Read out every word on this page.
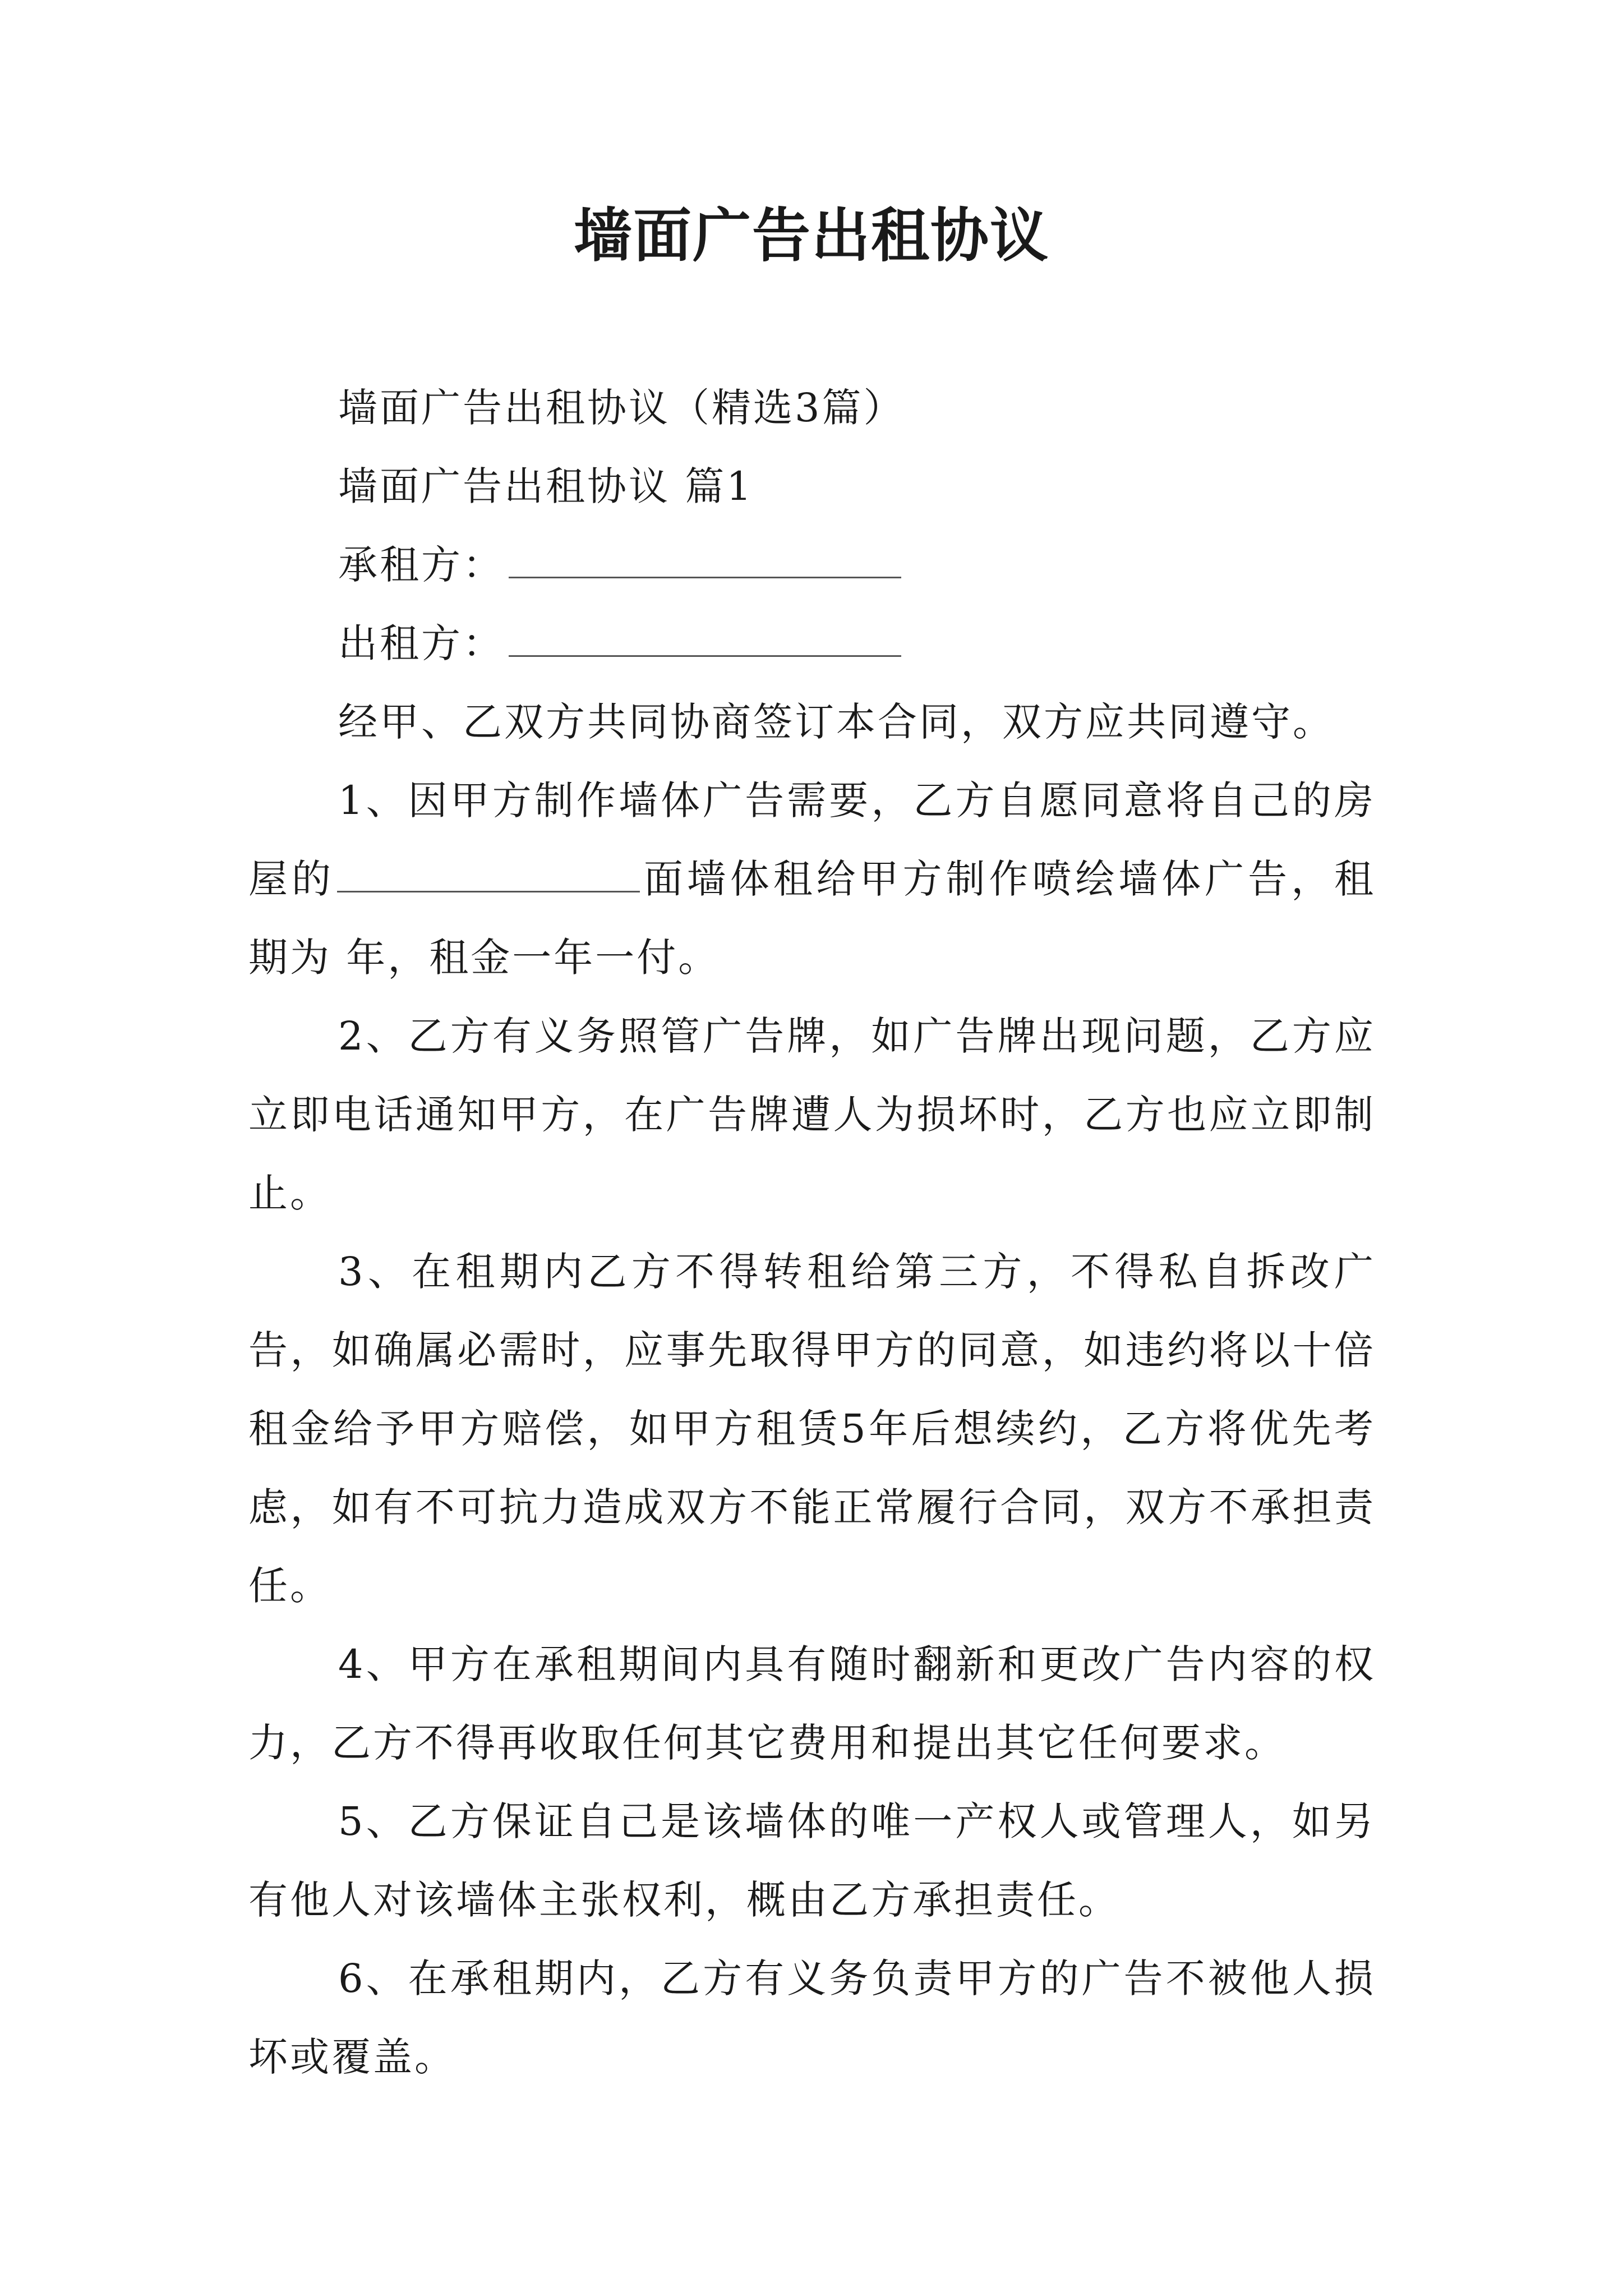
墙面广告出租协议

墙面广告出租协议（精选3篇）

墙面广告出租协议 篇1

承租方：

出租方：

经甲、乙双方共同协商签订本合同，双方应共同遵守。

1、因甲方制作墙体广告需要，乙方自愿同意将自己的房屋的	面墙体租给甲方制作喷绘墙体广告，租期为 年，租金一年一付。

2、乙方有义务照管广告牌，如广告牌出现问题，乙方应立即电话通知甲方，在广告牌遭人为损坏时，乙方也应立即制止。

3、在租期内乙方不得转租给第三方，不得私自拆改广告，如确属必需时，应事先取得甲方的同意，如违约将以十倍租金给予甲方赔偿，如甲方租赁5年后想续约，乙方将优先考虑，如有不可抗力造成双方不能正常履行合同，双方不承担责任。

4、甲方在承租期间内具有随时翻新和更改广告内容的权力，乙方不得再收取任何其它费用和提出其它任何要求。

5、乙方保证自己是该墙体的唯一产权人或管理人，如另有他人对该墙体主张权利，概由乙方承担责任。

6、在承租期内，乙方有义务负责甲方的广告不被他人损坏或覆盖。
